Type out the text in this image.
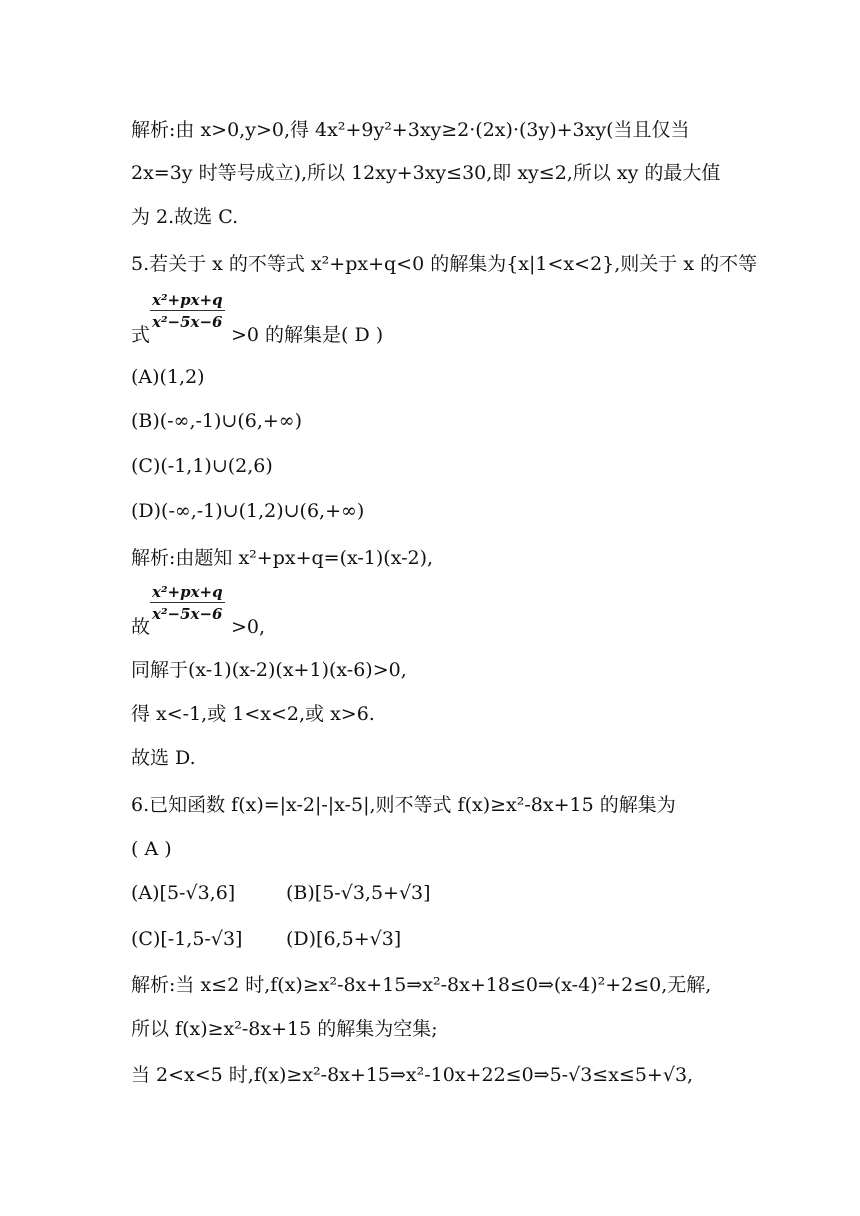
解析:由 x>0,y>0,得 4x²+9y²+3xy≥2·(2x)·(3y)+3xy(当且仅当
2x=3y 时等号成立),所以 12xy+3xy≤30,即 xy≤2,所以 xy 的最大值
为 2.故选 C.
5.若关于 x 的不等式 x²+px+q<0 的解集为{x|1<x<2},则关于 x 的不等
$\frac{\text{x²+px+q}}{\text{x²−5x−6}}$
式	>0 的解集是( D )
(A)(1,2)
(B)(-∞,-1)∪(6,+∞)
(C)(-1,1)∪(2,6)
(D)(-∞,-1)∪(1,2)∪(6,+∞)
解析:由题知 x²+px+q=(x-1)(x-2),
$\frac{\text{x²+px+q}}{\text{x²−5x−6}}$
故	>0,
同解于(x-1)(x-2)(x+1)(x-6)>0,
得 x<-1,或 1<x<2,或 x>6.
故选 D.
6.已知函数 f(x)=|x-2|-|x-5|,则不等式 f(x)≥x²-8x+15 的解集为
( A )
(A)[5-√3,6]	(B)[5-√3,5+√3]
(C)[-1,5-√3] (D)[6,5+√3]
解析:当 x≤2 时,f(x)≥x²-8x+15⇒x²-8x+18≤0⇒(x-4)²+2≤0,无解,
所以 f(x)≥x²-8x+15 的解集为空集;
当 2<x<5 时,f(x)≥x²-8x+15⇒x²-10x+22≤0⇒5-√3≤x≤5+√3,
